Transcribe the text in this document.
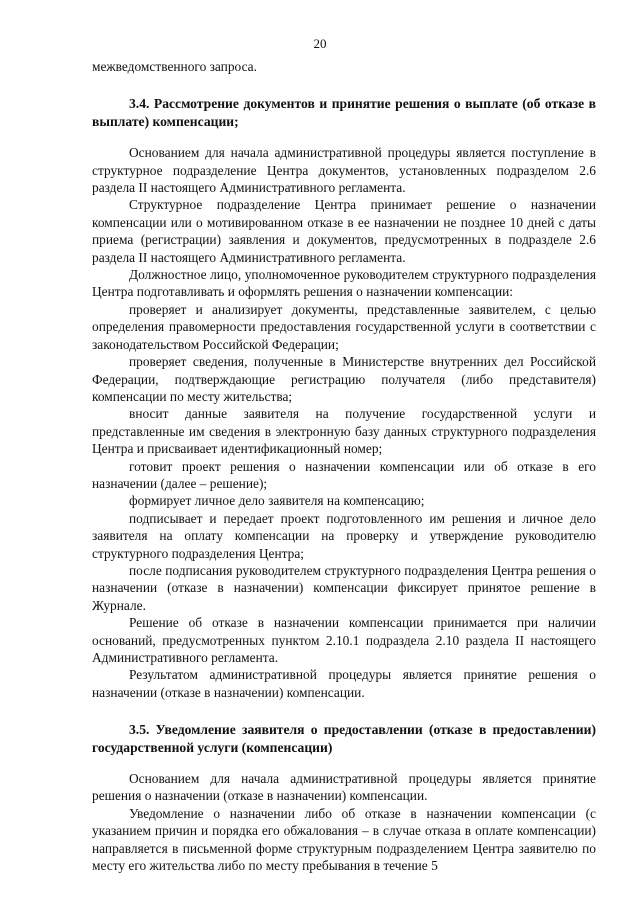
20

межведомственного запроса.

3.4. Рассмотрение документов и принятие решения о выплате (об отказе в выплате) компенсации;

Основанием для начала административной процедуры является поступление в структурное подразделение Центра документов, установленных подразделом 2.6 раздела II настоящего Административного регламента.

Структурное подразделение Центра принимает решение о назначении компенсации или о мотивированном отказе в ее назначении не позднее 10 дней с даты приема (регистрации) заявления и документов, предусмотренных в подразделе 2.6 раздела II настоящего Административного регламента.

Должностное лицо, уполномоченное руководителем структурного подразделения Центра подготавливать и оформлять решения о назначении компенсации:

проверяет и анализирует документы, представленные заявителем, с целью определения правомерности предоставления государственной услуги в соответствии с законодательством Российской Федерации;

проверяет сведения, полученные в Министерстве внутренних дел Российской Федерации, подтверждающие регистрацию получателя (либо представителя) компенсации по месту жительства;

вносит данные заявителя на получение государственной услуги и представленные им сведения в электронную базу данных структурного подразделения Центра и присваивает идентификационный номер;

готовит проект решения о назначении компенсации или об отказе в его назначении (далее – решение);

формирует личное дело заявителя на компенсацию;

подписывает и передает проект подготовленного им решения и личное дело заявителя на оплату компенсации на проверку и утверждение руководителю структурного подразделения Центра;

после подписания руководителем структурного подразделения Центра решения о назначении (отказе в назначении) компенсации фиксирует принятое решение в Журнале.

Решение об отказе в назначении компенсации принимается при наличии оснований, предусмотренных пунктом 2.10.1 подраздела 2.10 раздела II настоящего Административного регламента.

Результатом административной процедуры является принятие решения о назначении (отказе в назначении) компенсации.

3.5. Уведомление заявителя о предоставлении (отказе в предоставлении) государственной услуги (компенсации)

Основанием для начала административной процедуры является принятие решения о назначении (отказе в назначении) компенсации.

Уведомление о назначении либо об отказе в назначении компенсации (с указанием причин и порядка его обжалования – в случае отказа в оплате компенсации) направляется в письменной форме структурным подразделением Центра заявителю по месту его жительства либо по месту пребывания в течение 5
